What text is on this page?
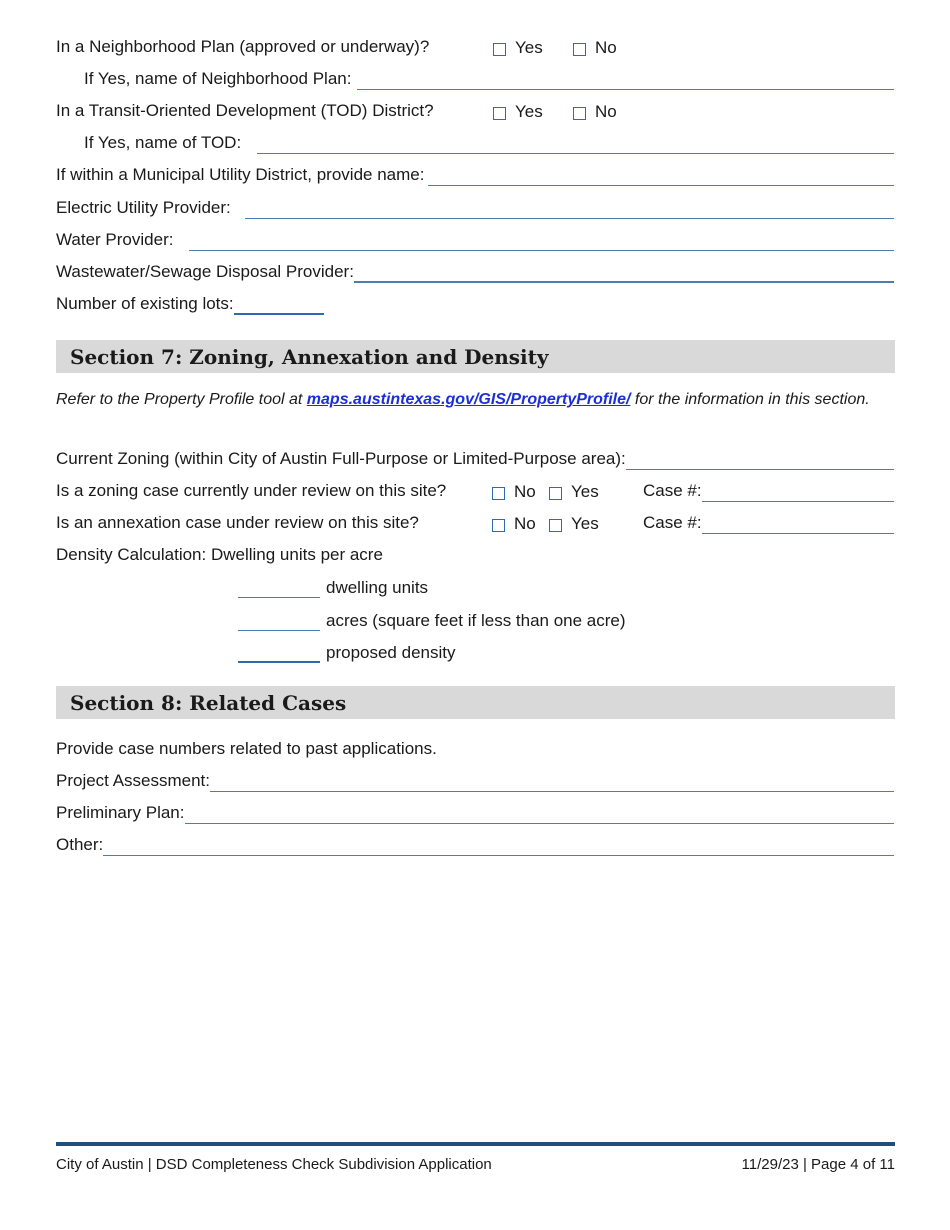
In a Neighborhood Plan (approved or underway)?	Yes	No
If Yes, name of Neighborhood Plan:
In a Transit-Oriented Development (TOD) District?	Yes	No
If Yes, name of TOD:
If within a Municipal Utility District, provide name:
Electric Utility Provider:
Water Provider:
Wastewater/Sewage Disposal Provider:
Number of existing lots:
Section 7: Zoning, Annexation and Density
Refer to the Property Profile tool at maps.austintexas.gov/GIS/PropertyProfile/ for the information in this section.
Current Zoning (within City of Austin Full-Purpose or Limited-Purpose area):
Is a zoning case currently under review on this site?	No Yes	Case #:
Is an annexation case under review on this site?	No Yes	Case #:
Density Calculation: Dwelling units per acre
dwelling units
acres (square feet if less than one acre)
proposed density
Section 8: Related Cases
Provide case numbers related to past applications.
Project Assessment:
Preliminary Plan:
Other:
City of Austin | DSD Completeness Check Subdivision Application	11/29/23 | Page 4 of 11
